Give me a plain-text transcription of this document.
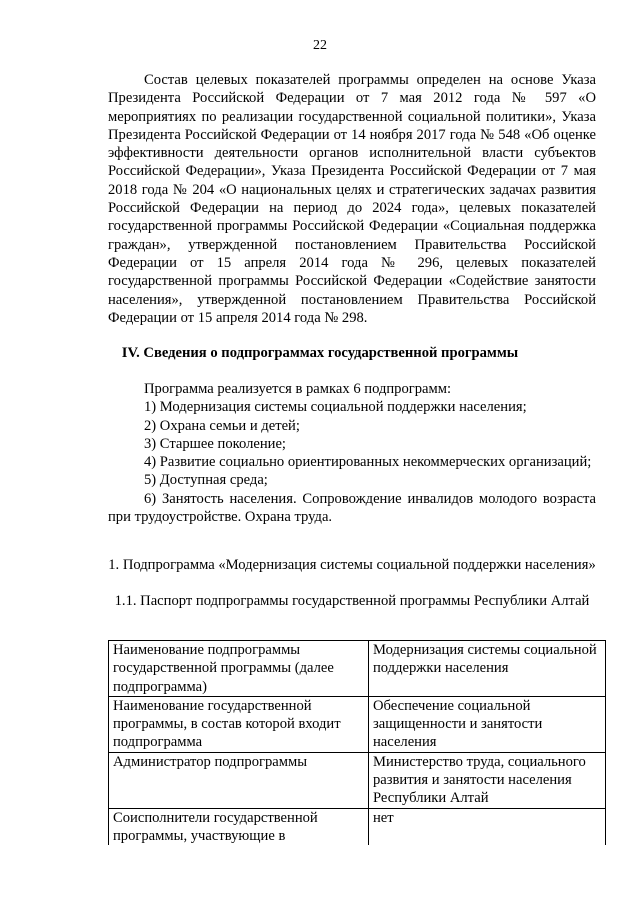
22

Состав целевых показателей программы определен на основе Указа Президента Российской Федерации от 7 мая 2012 года № 597 «О мероприятиях по реализации государственной социальной политики», Указа Президента Российской Федерации от 14 ноября 2017 года № 548 «Об оценке эффективности деятельности органов исполнительной власти субъектов Российской Федерации», Указа Президента Российской Федерации от 7 мая 2018 года № 204 «О национальных целях и стратегических задачах развития Российской Федерации на период до 2024 года», целевых показателей государственной программы Российской Федерации «Социальная поддержка граждан», утвержденной постановлением Правительства Российской Федерации от 15 апреля 2014 года № 296, целевых показателей государственной программы Российской Федерации «Содействие занятости населения», утвержденной постановлением Правительства Российской Федерации от 15 апреля 2014 года № 298.

IV. Сведения о подпрограммах государственной программы

Программа реализуется в рамках 6 подпрограмм:

1) Модернизация системы социальной поддержки населения;
2) Охрана семьи и детей;
3) Старшее поколение;
4) Развитие социально ориентированных некоммерческих организаций;
5) Доступная среда;
6) Занятость населения. Сопровождение инвалидов молодого возраста при трудоустройстве. Охрана труда.

1. Подпрограмма «Модернизация системы социальной поддержки населения»

1.1. Паспорт подпрограммы государственной программы Республики Алтай

Наименование подпрограммы государственной программы (далее подпрограмма)	Модернизация системы социальной поддержки населения
Наименование государственной программы, в состав которой входит подпрограмма	Обеспечение социальной защищенности и занятости населения
Администратор подпрограммы	Министерство труда, социального развития и занятости населения Республики Алтай
Соисполнители государственной программы, участвующие в	нет
